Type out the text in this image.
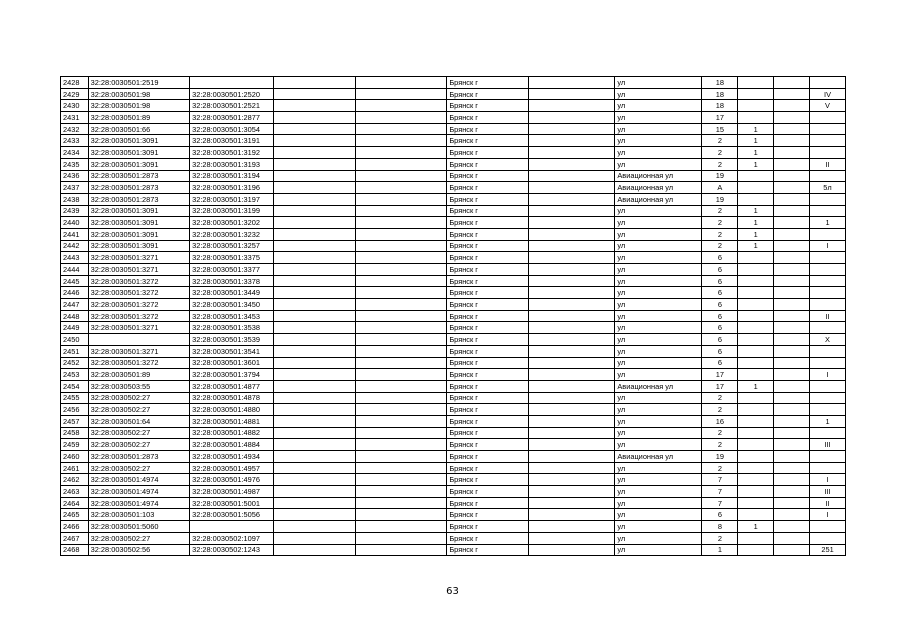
2428	32:28:0030501:2519				Брянск г		ул	18			
2429	32:28:0030501:98	32:28:0030501:2520			Брянск г		ул	18			IV
2430	32:28:0030501:98	32:28:0030501:2521			Брянск г		ул	18			V
2431	32:28:0030501:89	32:28:0030501:2877			Брянск г		ул	17			
2432	32:28:0030501:66	32:28:0030501:3054			Брянск г		ул	15	1		
2433	32:28:0030501:3091	32:28:0030501:3191			Брянск г		ул	2	1		
2434	32:28:0030501:3091	32:28:0030501:3192			Брянск г		ул	2	1		
2435	32:28:0030501:3091	32:28:0030501:3193			Брянск г		ул	2	1		II
2436	32:28:0030501:2873	32:28:0030501:3194			Брянск г		Авиационная ул	19			
2437	32:28:0030501:2873	32:28:0030501:3196			Брянск г		Авиационная ул	А			5л
2438	32:28:0030501:2873	32:28:0030501:3197			Брянск г		Авиационная ул	19			
2439	32:28:0030501:3091	32:28:0030501:3199			Брянск г		ул	2	1		
2440	32:28:0030501:3091	32:28:0030501:3202			Брянск г		ул	2	1		1
2441	32:28:0030501:3091	32:28:0030501:3232			Брянск г		ул	2	1		
2442	32:28:0030501:3091	32:28:0030501:3257			Брянск г		ул	2	1		I
2443	32:28:0030501:3271	32:28:0030501:3375			Брянск г		ул	6			
2444	32:28:0030501:3271	32:28:0030501:3377			Брянск г		ул	6			
2445	32:28:0030501:3272	32:28:0030501:3378			Брянск г		ул	6			
2446	32:28:0030501:3272	32:28:0030501:3449			Брянск г		ул	6			
2447	32:28:0030501:3272	32:28:0030501:3450			Брянск г		ул	6			
2448	32:28:0030501:3272	32:28:0030501:3453			Брянск г		ул	6			II
2449	32:28:0030501:3271	32:28:0030501:3538			Брянск г		ул	6			
2450		32:28:0030501:3539			Брянск г		ул	6			X
2451	32:28:0030501:3271	32:28:0030501:3541			Брянск г		ул	6			
2452	32:28:0030501:3272	32:28:0030501:3601			Брянск г		ул	6			
2453	32:28:0030501:89	32:28:0030501:3794			Брянск г		ул	17			I
2454	32:28:0030503:55	32:28:0030501:4877			Брянск г		Авиационная ул	17	1		
2455	32:28:0030502:27	32:28:0030501:4878			Брянск г		ул	2			
2456	32:28:0030502:27	32:28:0030501:4880			Брянск г		ул	2			
2457	32:28:0030501:64	32:28:0030501:4881			Брянск г		ул	16			1
2458	32:28:0030502:27	32:28:0030501:4882			Брянск г		ул	2			
2459	32:28:0030502:27	32:28:0030501:4884			Брянск г		ул	2			III
2460	32:28:0030501:2873	32:28:0030501:4934			Брянск г		Авиационная ул	19			
2461	32:28:0030502:27	32:28:0030501:4957			Брянск г		ул	2			
2462	32:28:0030501:4974	32:28:0030501:4976			Брянск г		ул	7			I
2463	32:28:0030501:4974	32:28:0030501:4987			Брянск г		ул	7			III
2464	32:28:0030501:4974	32:28:0030501:5001			Брянск г		ул	7			II
2465	32:28:0030501:103	32:28:0030501:5056			Брянск г		ул	6			I
2466	32:28:0030501:5060				Брянск г		ул	8	1		
2467	32:28:0030502:27	32:28:0030502:1097			Брянск г		ул	2			
2468	32:28:0030502:56	32:28:0030502:1243			Брянск г		ул	1			251
63
